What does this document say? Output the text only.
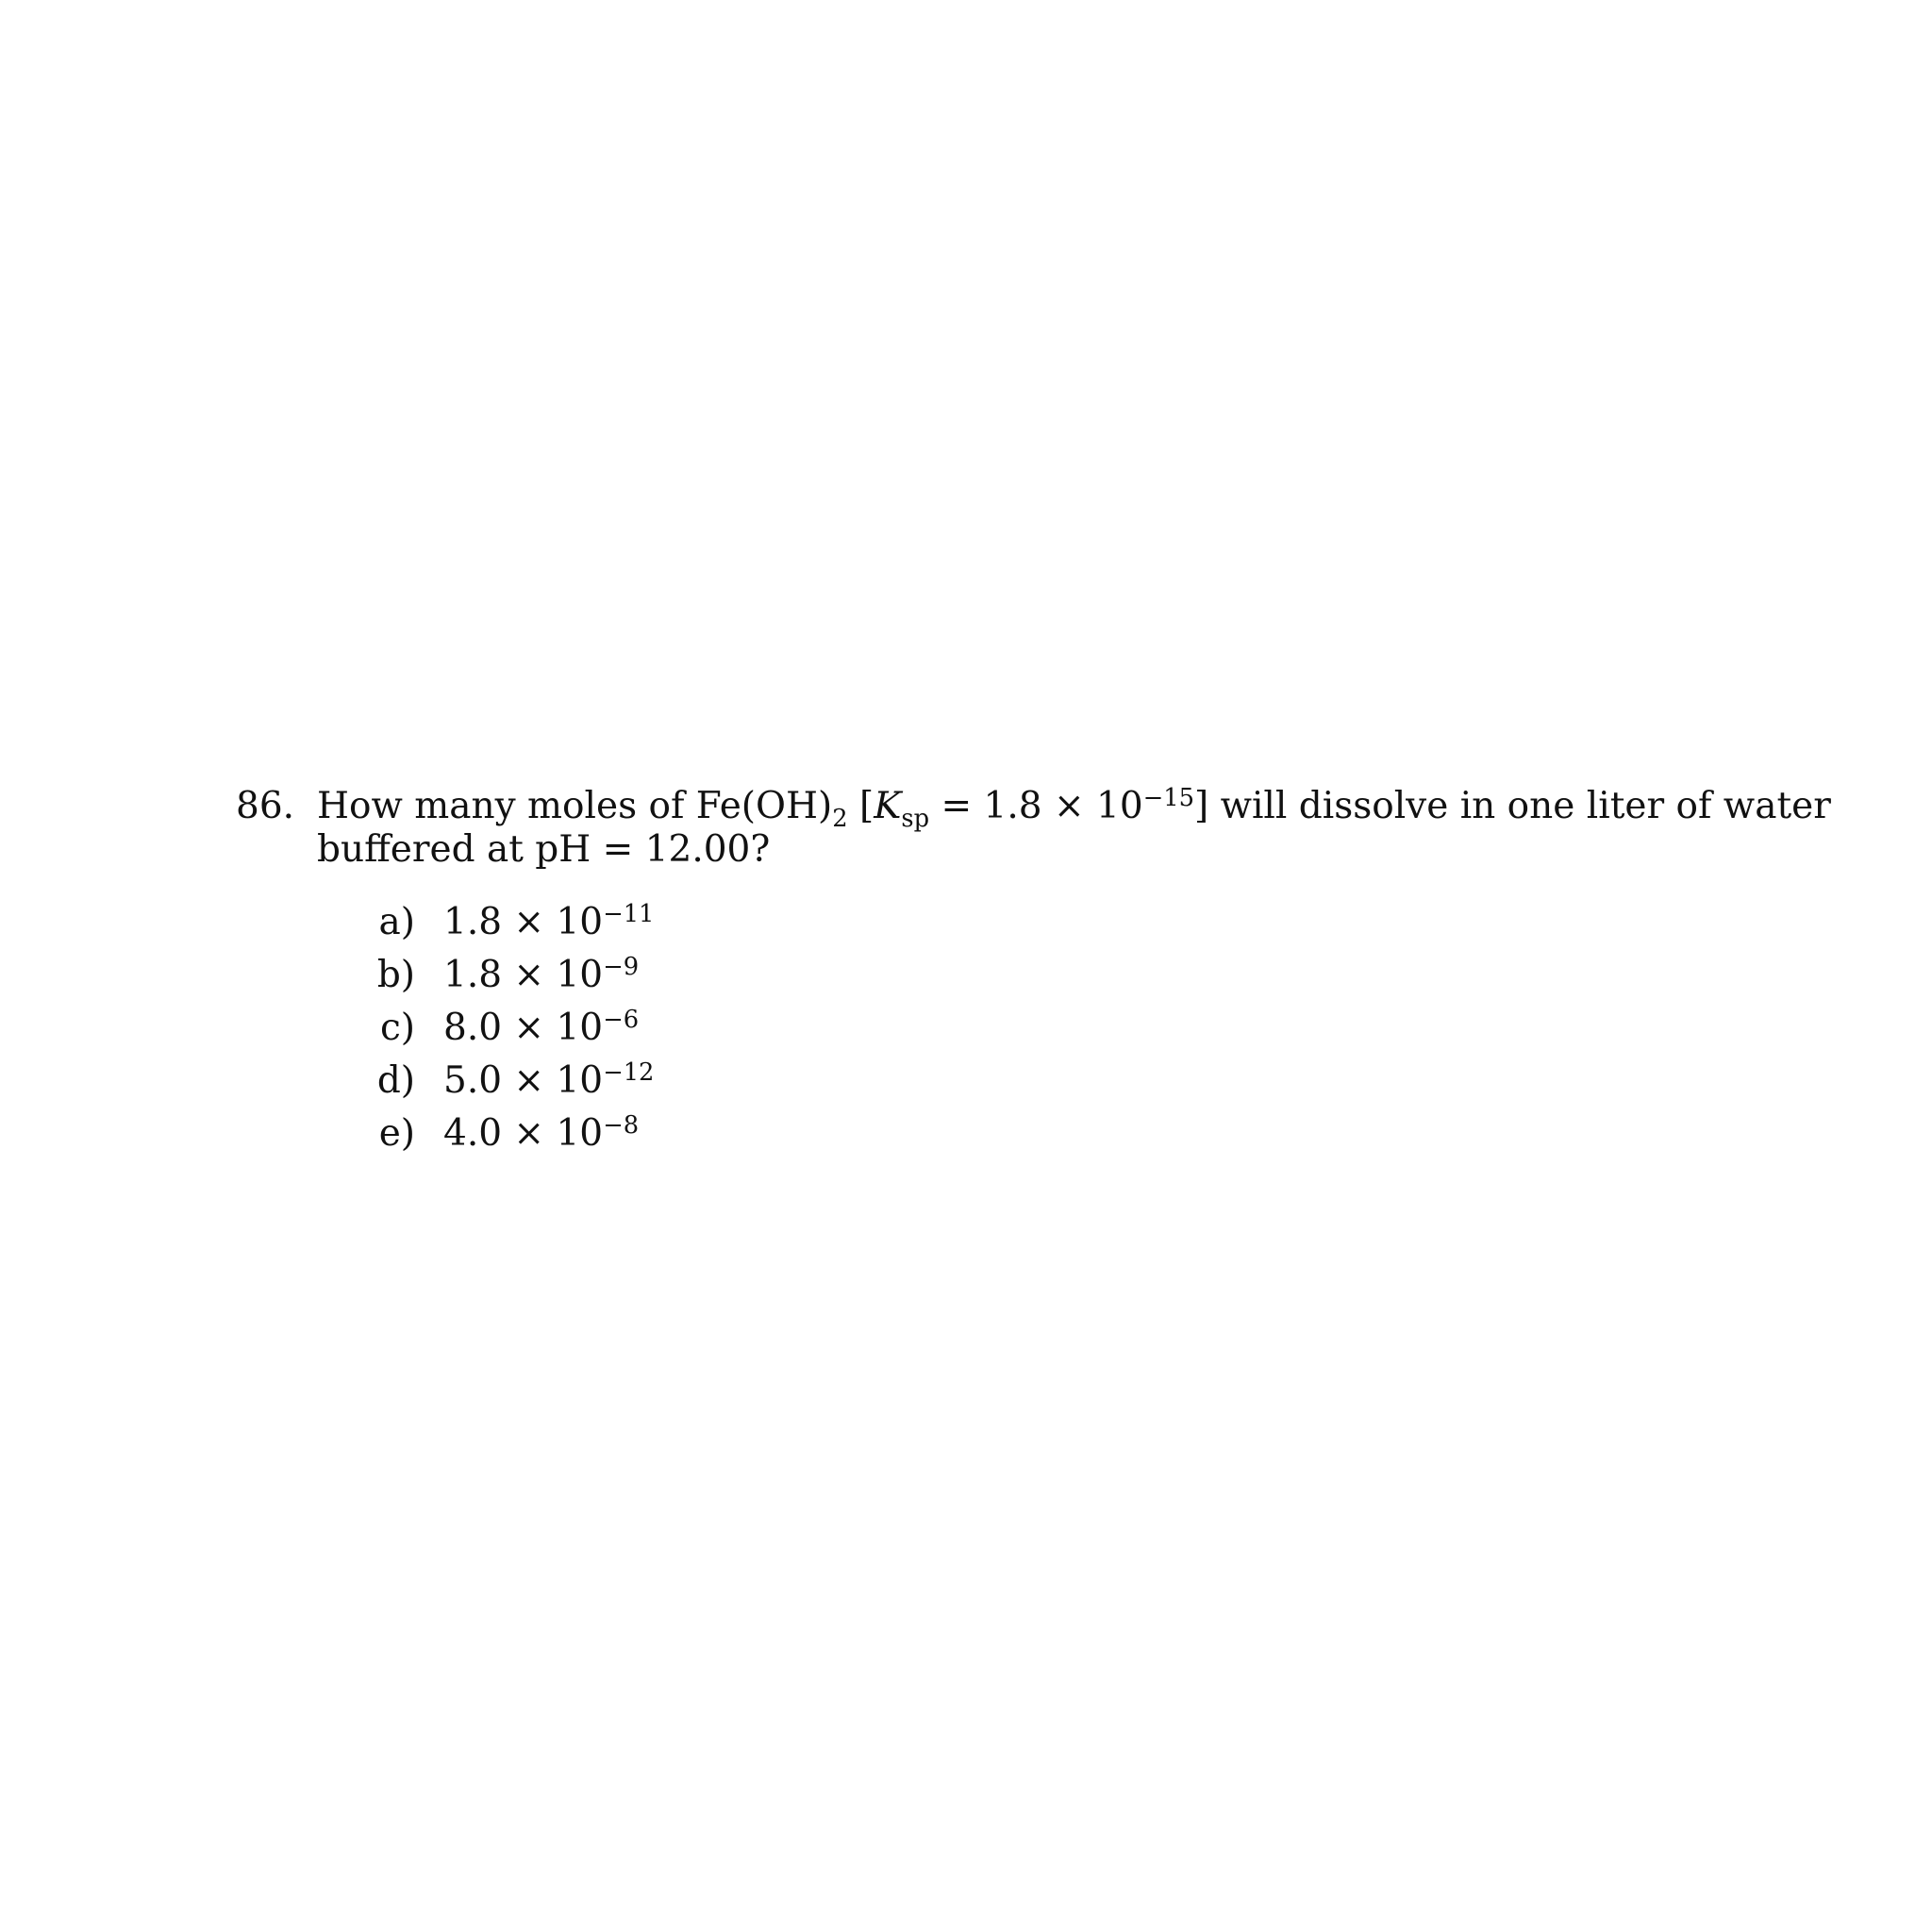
86. How many moles of $Fe(OH)_2$ $[K_{sp} = 1.8 \times 10^{-15}]$ will dissolve in one liter of water
buffered at pH = 12.00?
a) $1.8 \times 10^{-11}$
b) $1.8 \times 10^{-9}$
c) $8.0 \times 10^{-6}$
d) $5.0 \times 10^{-12}$
e) $4.0 \times 10^{-8}$
